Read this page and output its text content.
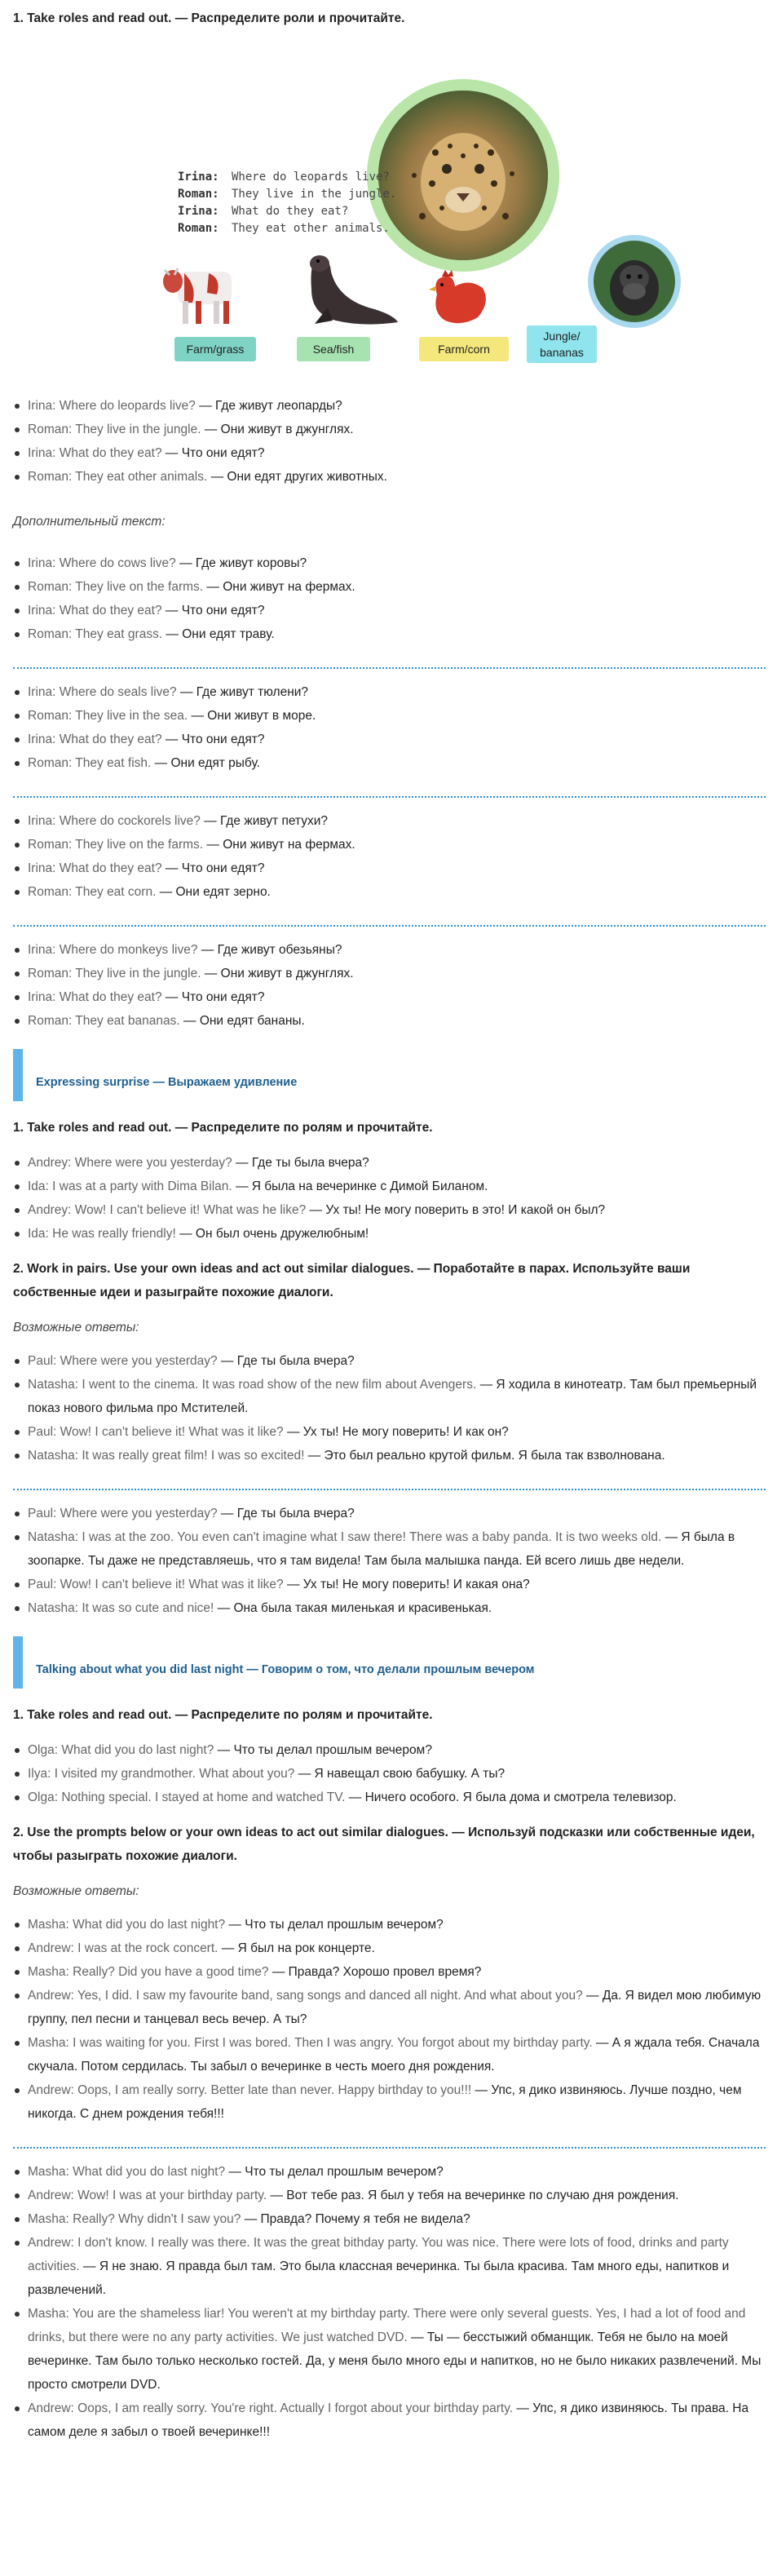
1. Take roles and read out. — Распределите роли и прочитайте.
Irina: Where do leopards live?
Roman: They live in the jungle.
Irina: What do they eat?
Roman: They eat other animals.
Farm/grass	Sea/fish	Farm/corn
Jungle/
bananas
Irina: Where do leopards live? — Где живут леопарды?
Roman: They live in the jungle. — Они живут в джунглях.
Irina: What do they eat? — Что они едят?
Roman: They eat other animals. — Они едят других животных.
Дополнительный текст:
Irina: Where do cows live? — Где живут коровы?
Roman: They live on the farms. — Они живут на фермах.
Irina: What do they eat? — Что они едят?
Roman: They eat grass. — Они едят траву.
Irina: Where do seals live? — Где живут тюлени?
Roman: They live in the sea. — Они живут в море.
Irina: What do they eat? — Что они едят?
Roman: They eat fish. — Они едят рыбу.
Irina: Where do cockorels live? — Где живут петухи?
Roman: They live on the farms. — Они живут на фермах.
Irina: What do they eat? — Что они едят?
Roman: They eat corn. — Они едят зерно.
Irina: Where do monkeys live? — Где живут обезьяны?
Roman: They live in the jungle. — Они живут в джунглях.
Irina: What do they eat? — Что они едят?
Roman: They eat bananas. — Они едят бананы.
Expressing surprise — Выражаем удивление
1. Take roles and read out. — Распределите по ролям и прочитайте.
Andrey: Where were you yesterday? — Где ты была вчера?
Ida: I was at a party with Dima Bilan. — Я была на вечеринке с Димой Биланом.
Andrey: Wow! I can't believe it! What was he like? — Ух ты! Не могу поверить в это! И какой он был?
Ida: He was really friendly! — Он был очень дружелюбным!
2. Work in pairs. Use your own ideas and act out similar dialogues. — Поработайте в парах. Используйте ваши собственные идеи и разыграйте похожие диалоги.
Возможные ответы:
Paul: Where were you yesterday? — Где ты была вчера?
Natasha: I went to the cinema. It was road show of the new film about Avengers. — Я ходила в кинотеатр. Там был премьерный показ нового фильма про Мстителей.
Paul: Wow! I can't believe it! What was it like? — Ух ты! Не могу поверить! И как он?
Natasha: It was really great film! I was so excited! — Это был реально крутой фильм. Я была так взволнована.
Paul: Where were you yesterday? — Где ты была вчера?
Natasha: I was at the zoo. You even can't imagine what I saw there! There was a baby panda. It is two weeks old. — Я была в зоопарке. Ты даже не представляешь, что я там видела! Там была малышка панда. Ей всего лишь две недели.
Paul: Wow! I can't believe it! What was it like? — Ух ты! Не могу поверить! И какая она?
Natasha: It was so cute and nice! — Она была такая миленькая и красивенькая.
Talking about what you did last night — Говорим о том, что делали прошлым вечером
1. Take roles and read out. — Распределите по ролям и прочитайте.
Olga: What did you do last night? — Что ты делал прошлым вечером?
Ilya: I visited my grandmother. What about you? — Я навещал свою бабушку. А ты?
Olga: Nothing special. I stayed at home and watched TV. — Ничего особого. Я была дома и смотрела телевизор.
2. Use the prompts below or your own ideas to act out similar dialogues. — Используй подсказки или собственные идеи, чтобы разыграть похожие диалоги.
Возможные ответы:
Masha: What did you do last night? — Что ты делал прошлым вечером?
Andrew: I was at the rock concert. — Я был на рок концерте.
Masha: Really? Did you have a good time? — Правда? Хорошо провел время?
Andrew: Yes, I did. I saw my favourite band, sang songs and danced all night. And what about you? — Да. Я видел мою любимую группу, пел песни и танцевал весь вечер. А ты?
Masha: I was waiting for you. First I was bored. Then I was angry. You forgot about my birthday party. — А я ждала тебя. Сначала скучала. Потом сердилась. Ты забыл о вечеринке в честь моего дня рождения.
Andrew: Oops, I am really sorry. Better late than never. Happy birthday to you!!! — Упс, я дико извиняюсь. Лучше поздно, чем никогда. С днем рождения тебя!!!
Masha: What did you do last night? — Что ты делал прошлым вечером?
Andrew: Wow! I was at your birthday party. — Вот тебе раз. Я был у тебя на вечеринке по случаю дня рождения.
Masha: Really? Why didn't I saw you? — Правда? Почему я тебя не видела?
Andrew: I don't know. I really was there. It was the great bithday party. You was nice. There were lots of food, drinks and party activities. — Я не знаю. Я правда был там. Это была классная вечеринка. Ты была красива. Там много еды, напитков и развлечений.
Masha: You are the shameless liar! You weren't at my birthday party. There were only several guests. Yes, I had a lot of food and drinks, but there were no any party activities. We just watched DVD. — Ты — бесстыжий обманщик. Тебя не было на моей вечеринке. Там было только несколько гостей. Да, у меня было много еды и напитков, но не было никаких развлечений. Мы просто смотрели DVD.
Andrew: Oops, I am really sorry. You're right. Actually I forgot about your birthday party. — Упс, я дико извиняюсь. Ты права. На самом деле я забыл о твоей вечеринке!!!
